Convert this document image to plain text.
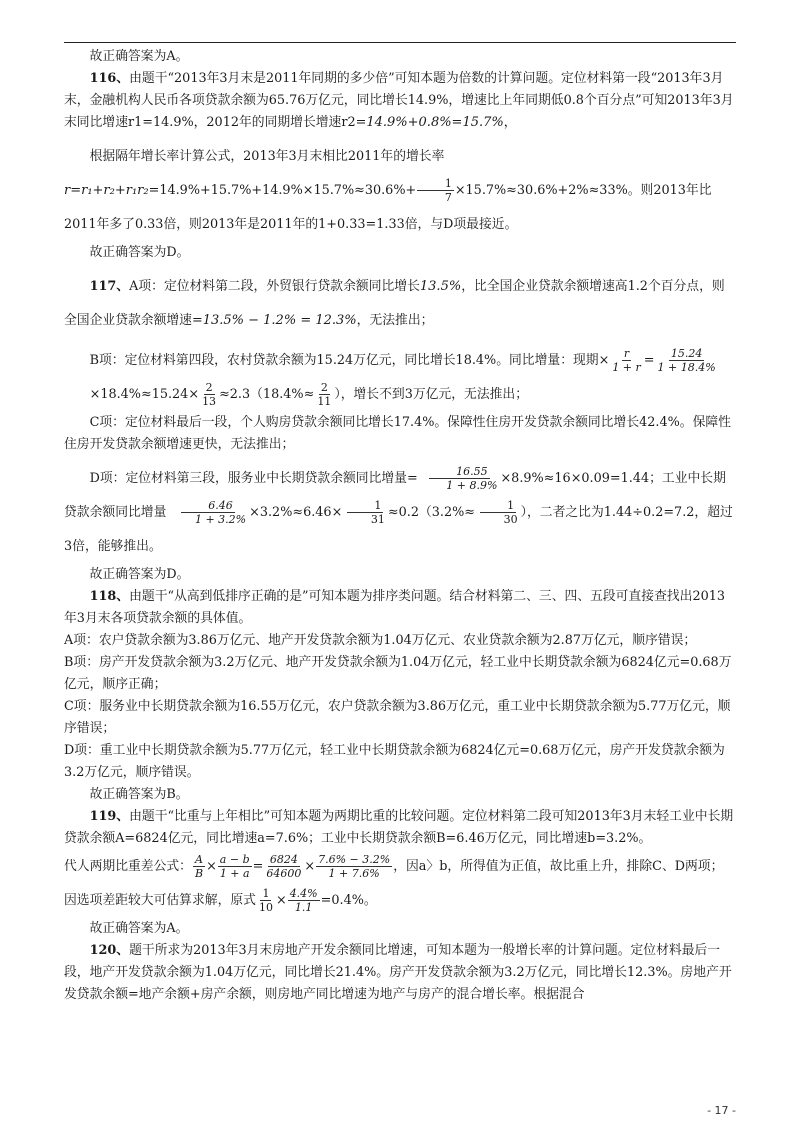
故正确答案为A。

116、由题干“2013年3月末是2011年同期的多少倍”可知本题为倍数的计算问题。定位材料第一段“2013年3月末，金融机构人民币各项贷款余额为65.76万亿元，同比增长14.9%，增速比上年同期低0.8个百分点”可知2013年3月末同比增速r1=14.9%，2012年的同期增长增速r2=14.9%+0.8%=15.7%，

根据隔年增长率计算公式，2013年3月末相比2011年的增长率$r=r_1+r_2+r_1r_2=14.9\%+15.7\%+14.9\%\times 15.7\%\approx 30.6\%+ \frac{1}{7} \times 15.7\%\approx 30.6\%+2\%\approx 33\%$。则2013年比2011年多了0.33倍，则2013年是2011年的1+0.33=1.33倍，与D项最接近。

故正确答案为D。

117、A项：定位材料第二段，外贸银行贷款余额同比增长13.5%，比全国企业贷款余额增速高1.2个百分点，则全国企业贷款余额增速=13.5% − 1.2% = 12.3%，无法推出；

B项：定位材料第四段，农村贷款余额为15.24万亿元，同比增长18.4%。同比增量：现期× $\frac{r}{1 + r} = \frac{15.24}{1 + 18.4\%}$
$\times 18.4\%\approx 15.24\times \frac{2}{13} \approx 2.3(18.4\%\approx \frac{2}{11}$ ），增长不到3万亿元，无法推出；

C项：定位材料最后一段，个人购房贷款余额同比增长17.4%。保障性住房开发贷款余额同比增长42.4%。保障性住房开发贷款余额增速更快，无法推出；

D项：定位材料第三段，服务业中长期贷款余额同比增量= $\frac{16.55}{1 + 8.9\%} \times 8.9\%\approx 16\times 0.09=1.44$；工业中长期贷款余额同比增量 $\frac{6.46}{1 + 3.2\%} \times 3.2\%\approx 6.46\times \frac{1}{31} \approx 0.2(3.2\%\approx \frac{1}{30}$ ），二者之比为1.44÷0.2=7.2，超过3倍，能够推出。

故正确答案为D。

118、由题干“从高到低排序正确的是”可知本题为排序类问题。结合材料第二、三、四、五段可直接查找出2013年3月末各项贷款余额的具体值。

A项：农户贷款余额为3.86万亿元、地产开发贷款余额为1.04万亿元、农业贷款余额为2.87万亿元，顺序错误；

B项：房产开发贷款余额为3.2万亿元、地产开发贷款余额为1.04万亿元，轻工业中长期贷款余额为6824亿元=0.68万亿元，顺序正确；

C项：服务业中长期贷款余额为16.55万亿元，农户贷款余额为3.86万亿元，重工业中长期贷款余额为5.77万亿元，顺序错误；

D项：重工业中长期贷款余额为5.77万亿元，轻工业中长期贷款余额为6824亿元=0.68万亿元，房产开发贷款余额为3.2万亿元，顺序错误。

故正确答案为B。

119、由题干“比重与上年相比”可知本题为两期比重的比较问题。定位材料第二段可知2013年3月末轻工业中长期贷款余额A=6824亿元，同比增速a=7.6%；工业中长期贷款余额B=6.46万亿元，同比增速b=3.2%。

代人两期比重差公式： $\frac{A}{B} \times \frac{a - b}{1 + a} = \frac{6824}{64600} \times \frac{7.6\% - 3.2\%}{1 + 7.6\%}$ ，因a〉b，所得值为正值，故比重上升，排除C、D两项；因选项差距较大可估算求解，原式 $\frac{1}{10} \times \frac{4.4\%}{1.1} =0.4\%$。

故正确答案为A。

120、题干所求为2013年3月末房地产开发余额同比增速，可知本题为一般增长率的计算问题。定位材料最后一段，地产开发贷款余额为1.04万亿元，同比增长21.4%。房产开发贷款余额为3.2万亿元，同比增长12.3%。房地产开发贷款余额=地产余额+房产余额，则房地产同比增速为地产与房产的混合增长率。根据混合

- 17 -
